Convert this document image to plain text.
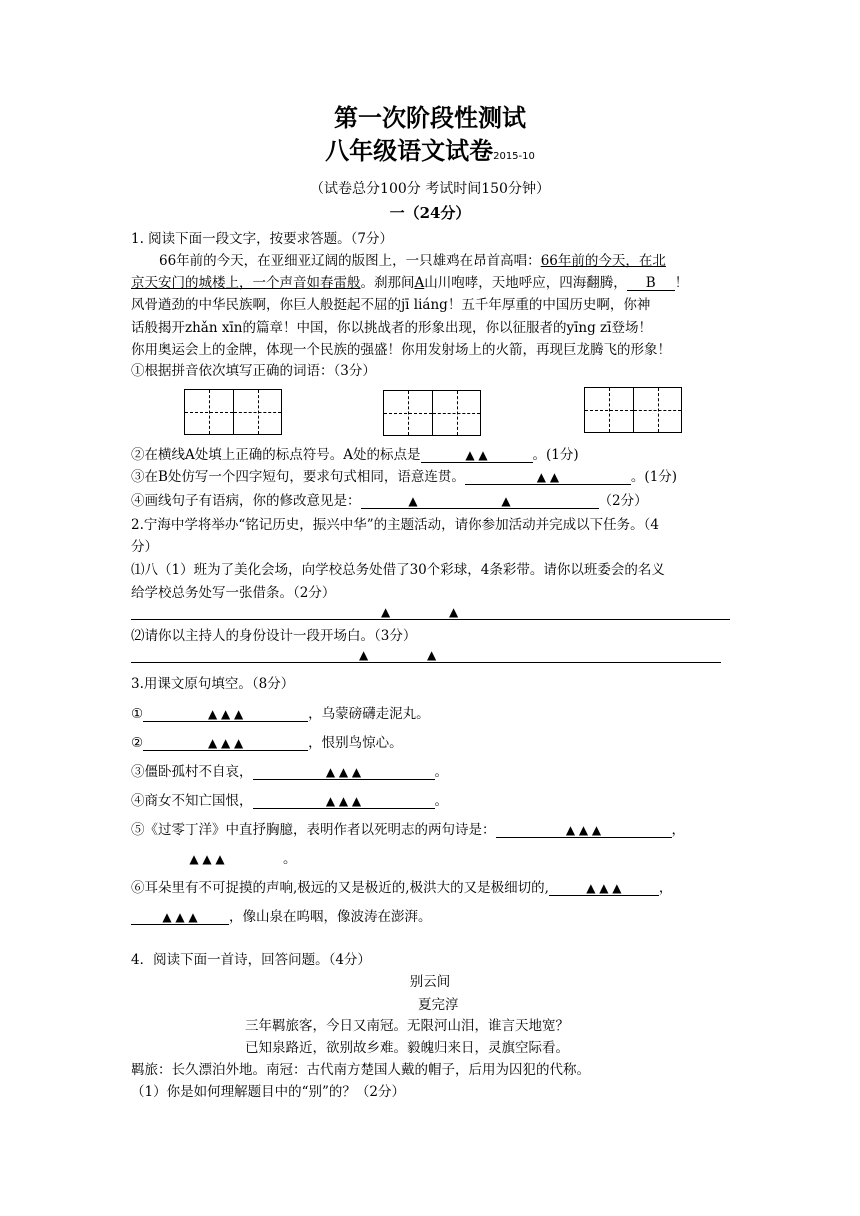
第一次阶段性测试
八年级语文试卷2015-10
（试卷总分100分 考试时间150分钟）
一（24分）
1. 阅读下面一段文字，按要求答题。（7分）
66年前的今天，在亚细亚辽阔的版图上，一只雄鸡在昂首高唱：66年前的今天，在北
京天安门的城楼上，一个声音如春雷般。刹那间A山川咆哮，天地呼应，四海翻腾， B ！
风骨遒劲的中华民族啊，你巨人般挺起不屈的jī liáng！五千年厚重的中国历史啊，你神
话般揭开zhǎn xīn的篇章！中国，你以挑战者的形象出现，你以征服者的yīng zī登场！
你用奥运会上的金牌，体现一个民族的强盛！你用发射场上的火箭，再现巨龙腾飞的形象！
①根据拼音依次填写正确的词语：（3分）
②在横线A处填上正确的标点符号。A处的标点是	▲ ▲	。(1分)
③在B处仿写一个四字短句，要求句式相同，语意连贯。	▲ ▲	。(1分)
④画线句子有语病，你的修改意见是：	▲ ▲	（2分）
2.宁海中学将举办“铭记历史，振兴中华”的主题活动，请你参加活动并完成以下任务。（4
分）
⑴八（1）班为了美化会场，向学校总务处借了30个彩球，4条彩带。请你以班委会的名义
给学校总务处写一张借条。（2分）
▲	▲
⑵请你以主持人的身份设计一段开场白。（3分）
▲	▲
3.用课文原句填空。（8分）
①	▲ ▲ ▲	，乌蒙磅礴走泥丸。
②	▲ ▲ ▲	，恨别鸟惊心。
③僵卧孤村不自哀，	▲ ▲ ▲	。
④商女不知亡国恨，	▲ ▲ ▲	。
⑤《过零丁洋》中直抒胸臆，表明作者以死明志的两句诗是：	▲ ▲ ▲	，
▲ ▲ ▲	。
⑥耳朵里有不可捉摸的声响,极远的又是极近的,极洪大的又是极细切的,	▲ ▲ ▲	，
▲ ▲ ▲ ，像山泉在呜咽，像波涛在澎湃。
4．阅读下面一首诗，回答问题。（4分）
别云间
夏完淳
三年羁旅客，今日又南冠。无限河山泪，谁言天地宽？
已知泉路近，欲别故乡难。毅魄归来日，灵旗空际看。
羁旅：长久漂泊外地。南冠：古代南方楚国人戴的帽子，后用为囚犯的代称。
（1）你是如何理解题目中的“别”的？（2分）
